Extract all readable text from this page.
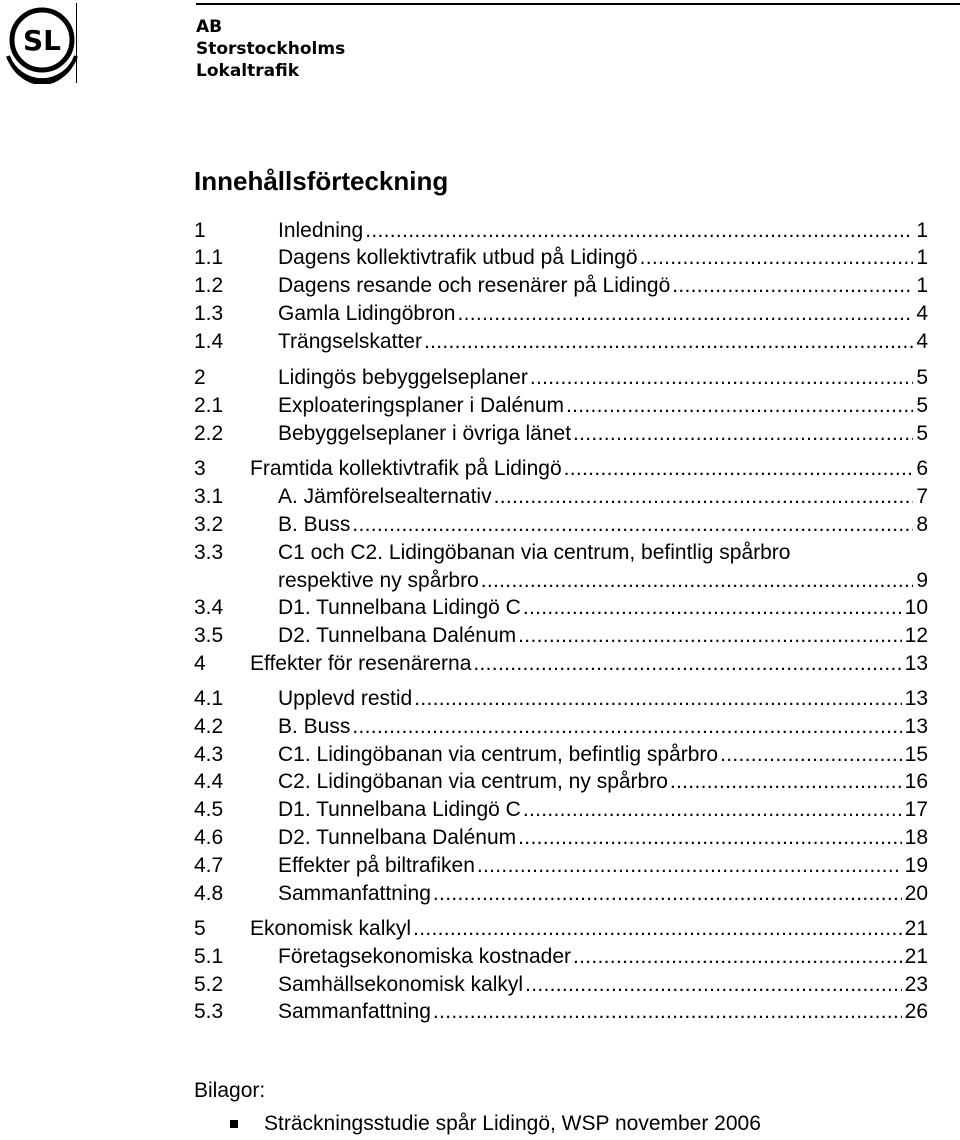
SL	AB
Storstockholms
Lokaltrafik
Innehållsförteckning
1	Inledning .....	1
1.1	Dagens kollektivtrafik utbud på Lidingö .....	1
1.2	Dagens resande och resenärer på Lidingö .....	1
1.3	Gamla Lidingöbron .....	4
1.4	Trängselskatter .....	4
2	Lidingös bebyggelseplaner .....	5
2.1	Exploateringsplaner i Dalénum .....	5
2.2	Bebyggelseplaner i övriga länet .....	5
3 Framtida kollektivtrafik på Lidingö .....	6
3.1	A. Jämförelsealternativ .....	7
3.2	B. Buss .....	8
3.3	C1 och C2. Lidingöbanan via centrum, befintlig spårbro
respektive ny spårbro .....	9
3.4	D1. Tunnelbana Lidingö C .....	10
3.5	D2. Tunnelbana Dalénum .....	12
4 Effekter för resenärerna .....	13
4.1	Upplevd restid .....	13
4.2	B. Buss .....	13
4.3	C1. Lidingöbanan via centrum, befintlig spårbro .....	15
4.4	C2. Lidingöbanan via centrum, ny spårbro .....	16
4.5	D1. Tunnelbana Lidingö C .....	17
4.6	D2. Tunnelbana Dalénum .....	18
4.7	Effekter på biltrafiken .....	19
4.8	Sammanfattning .....	20
5 Ekonomisk kalkyl .....	21
5.1	Företagsekonomiska kostnader .....	21
5.2	Samhällsekonomisk kalkyl .....	23
5.3	Sammanfattning .....	26
Bilagor:
Sträckningsstudie spår Lidingö, WSP november 2006
